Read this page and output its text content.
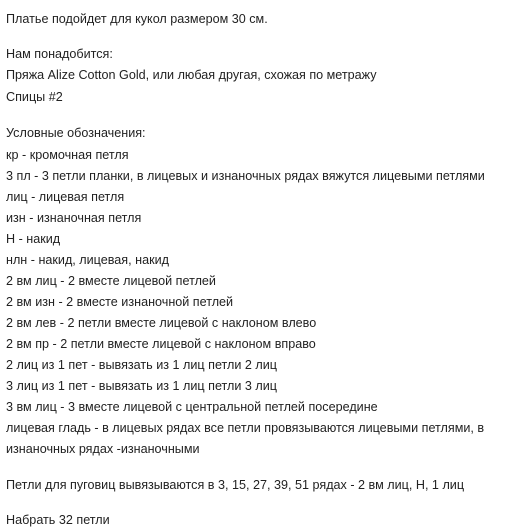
Платье подойдет для кукол размером 30 см.
Нам понадобится:
Пряжа Alize Cotton Gold, или любая другая, схожая по метражу
Спицы #2
Условные обозначения:
кр - кромочная петля
3 пл - 3 петли планки, в лицевых и изнаночных рядах вяжутся лицевыми петлями
лиц - лицевая петля
изн - изнаночная петля
Н - накид
нлн - накид, лицевая, накид
2 вм лиц - 2 вместе лицевой петлей
2 вм изн - 2 вместе изнаночной петлей
2 вм лев - 2 петли вместе лицевой с наклоном влево
2 вм пр - 2 петли вместе лицевой с наклоном вправо
2 лиц из 1 пет - вывязать из 1 лиц петли 2 лиц
3 лиц из 1 пет - вывязать из 1 лиц петли 3 лиц
3 вм лиц - 3 вместе лицевой с центральной петлей посередине
лицевая гладь - в лицевых рядах все петли провязываются лицевыми петлями, в
изнаночных рядах -изнаночными
Петли для пуговиц вывязываются в 3, 15, 27, 39, 51 рядах - 2 вм лиц, Н, 1 лиц
Набрать 32 петли
